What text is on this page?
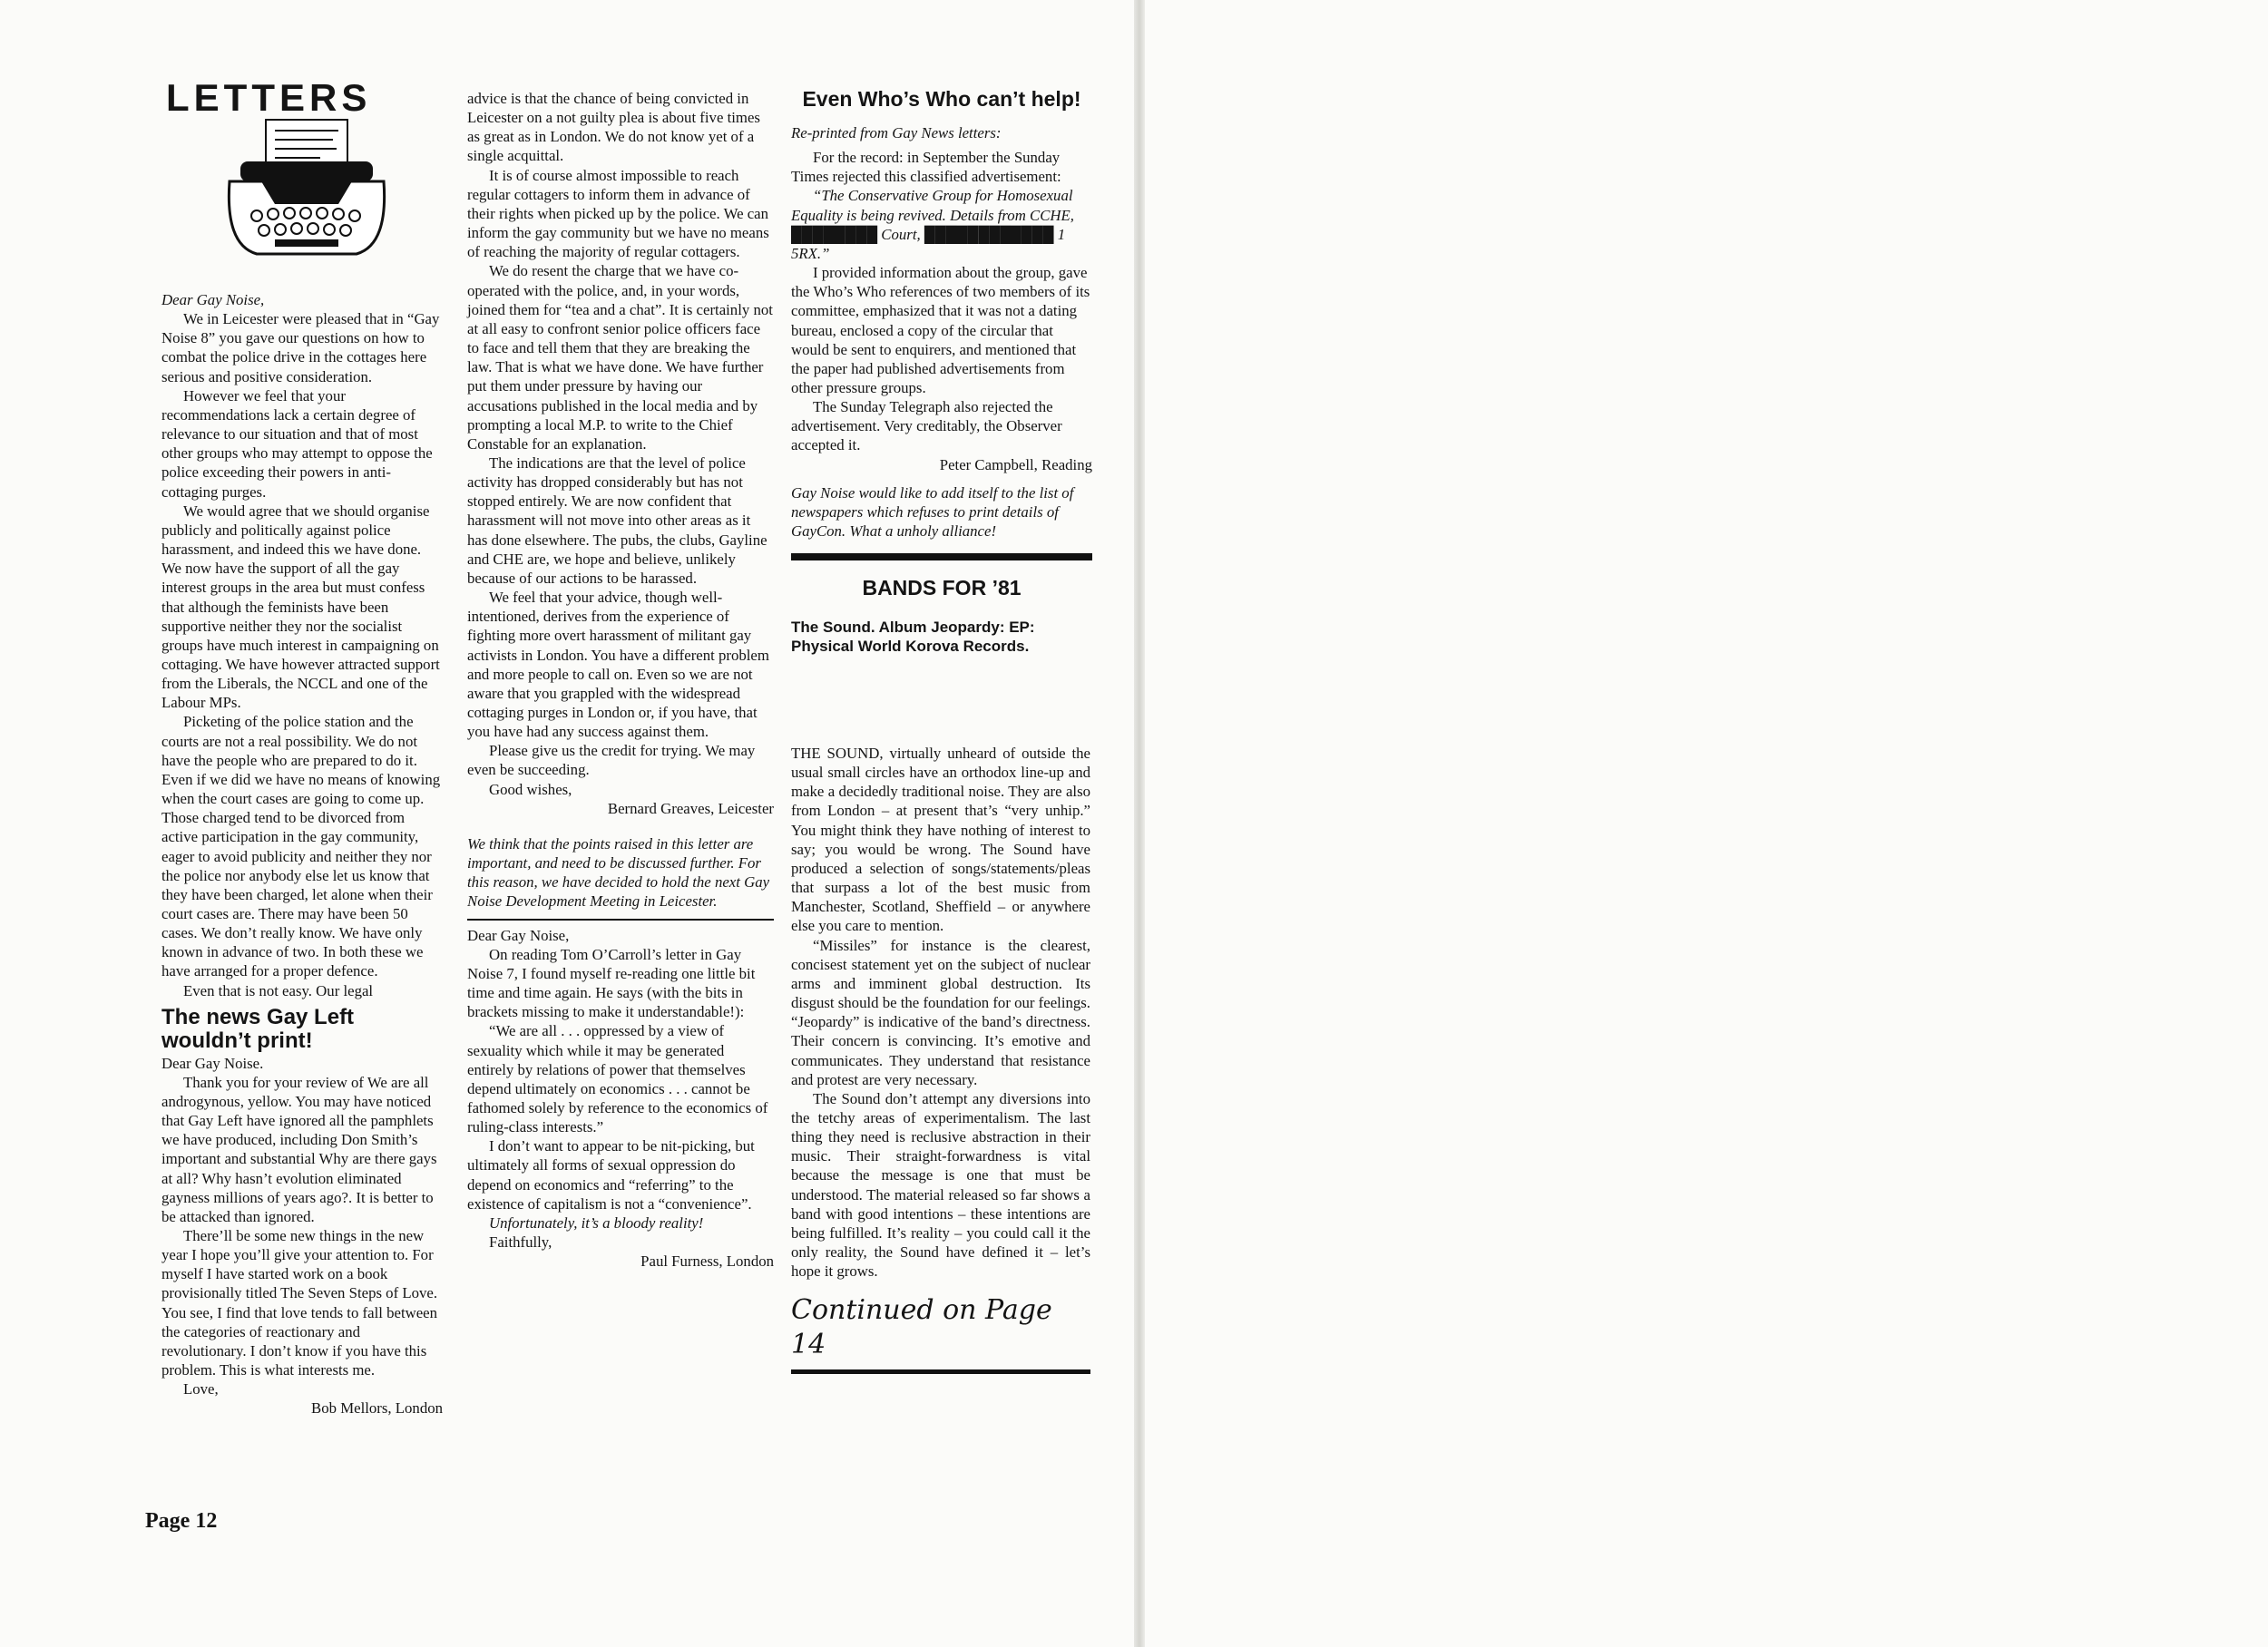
LETTERS

Dear Gay Noise,

We in Leicester were pleased that in “Gay Noise 8” you gave our questions on how to combat the police drive in the cottages here serious and positive consideration.

However we feel that your recommendations lack a certain degree of relevance to our situation and that of most other groups who may attempt to oppose the police exceeding their powers in anti-cottaging purges.

We would agree that we should organise publicly and politically against police harassment, and indeed this we have done. We now have the support of all the gay interest groups in the area but must confess that although the feminists have been supportive neither they nor the socialist groups have much interest in campaigning on cottaging. We have however attracted support from the Liberals, the NCCL and one of the Labour MPs.

Picketing of the police station and the courts are not a real possibility. We do not have the people who are prepared to do it. Even if we did we have no means of knowing when the court cases are going to come up. Those charged tend to be divorced from active participation in the gay community, eager to avoid publicity and neither they nor the police nor anybody else let us know that they have been charged, let alone when their court cases are. There may have been 50 cases. We don’t really know. We have only known in advance of two. In both these we have arranged for a proper defence.

Even that is not easy. Our legal

The news Gay Left wouldn’t print!

Dear Gay Noise.

Thank you for your review of We are all androgynous, yellow. You may have noticed that Gay Left have ignored all the pamphlets we have produced, including Don Smith’s important and substantial Why are there gays at all? Why hasn’t evolution eliminated gayness millions of years ago?. It is better to be attacked than ignored.

There’ll be some new things in the new year I hope you’ll give your attention to. For myself I have started work on a book provisionally titled The Seven Steps of Love. You see, I find that love tends to fall between the categories of reactionary and revolutionary. I don’t know if you have this problem. This is what interests me.

Love,

Bob Mellors, London

advice is that the chance of being convicted in Leicester on a not guilty plea is about five times as great as in London. We do not know yet of a single acquittal.

It is of course almost impossible to reach regular cottagers to inform them in advance of their rights when picked up by the police. We can inform the gay community but we have no means of reaching the majority of regular cottagers.

We do resent the charge that we have co-operated with the police, and, in your words, joined them for “tea and a chat”. It is certainly not at all easy to confront senior police officers face to face and tell them that they are breaking the law. That is what we have done. We have further put them under pressure by having our accusations published in the local media and by prompting a local M.P. to write to the Chief Constable for an explanation.

The indications are that the level of police activity has dropped considerably but has not stopped entirely. We are now confident that harassment will not move into other areas as it has done elsewhere. The pubs, the clubs, Gayline and CHE are, we hope and believe, unlikely because of our actions to be harassed.

We feel that your advice, though well-intentioned, derives from the experience of fighting more overt harassment of militant gay activists in London. You have a different problem and more people to call on. Even so we are not aware that you grappled with the widespread cottaging purges in London or, if you have, that you have had any success against them.

Please give us the credit for trying. We may even be succeeding.

Good wishes,

Bernard Greaves, Leicester

We think that the points raised in this letter are important, and need to be discussed further. For this reason, we have decided to hold the next Gay Noise Development Meeting in Leicester.

Dear Gay Noise,

On reading Tom O’Carroll’s letter in Gay Noise 7, I found myself re-reading one little bit time and time again. He says (with the bits in brackets missing to make it understandable!):

“We are all . . . oppressed by a view of sexuality which while it may be generated entirely by relations of power that themselves depend ultimately on economics . . . cannot be fathomed solely by reference to the economics of ruling-class interests.”

I don’t want to appear to be nit-picking, but ultimately all forms of sexual oppression do depend on economics and “referring” to the existence of capitalism is not a “convenience”.

Unfortunately, it’s a bloody reality!

Faithfully,

Paul Furness, London

Even Who’s Who can’t help!

Re-printed from Gay News letters:

For the record: in September the Sunday Times rejected this classified advertisement:

“The Conservative Group for Homosexual Equality is being revived. Details from CCHE, ████████ Court, ████████████ 1 5RX.”

I provided information about the group, gave the Who’s Who references of two members of its committee, emphasized that it was not a dating bureau, enclosed a copy of the circular that would be sent to enquirers, and mentioned that the paper had published advertisements from other pressure groups.

The Sunday Telegraph also rejected the advertisement. Very creditably, the Observer accepted it.

Peter Campbell, Reading

Gay Noise would like to add itself to the list of newspapers which refuses to print details of GayCon. What a unholy alliance!

BANDS FOR ’81
The Sound. Album Jeopardy: EP: Physical World Korova Records.

THE SOUND, virtually unheard of outside the usual small circles have an orthodox line-up and make a decidedly traditional noise. They are also from London – at present that’s “very unhip.” You might think they have nothing of interest to say; you would be wrong. The Sound have produced a selection of songs/statements/pleas that surpass a lot of the best music from Manchester, Scotland, Sheffield – or anywhere else you care to mention.

“Missiles” for instance is the clearest, concisest statement yet on the subject of nuclear arms and imminent global destruction. Its disgust should be the foundation for our feelings. “Jeopardy” is indicative of the band’s directness. Their concern is convincing. It’s emotive and communicates. They understand that resistance and protest are very necessary.

The Sound don’t attempt any diversions into the tetchy areas of experimentalism. The last thing they need is reclusive abstraction in their music. Their straight-forwardness is vital because the message is one that must be understood. The material released so far shows a band with good intentions – these intentions are being fulfilled. It’s reality – you could call it the only reality, the Sound have defined it – let’s hope it grows.

Continued on Page 14
Page 12
